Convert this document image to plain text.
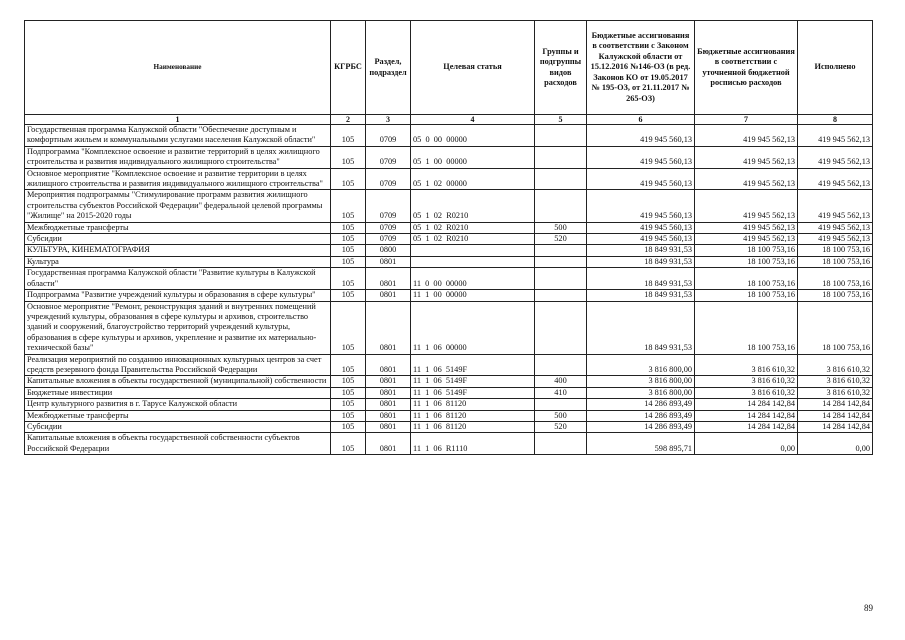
Наименование	КГРБС	Раздел, подраздел	Целевая статья	Группы и подгруппы видов расходов	Бюджетные ассигнования в соответствии с Законом Калужской области от 15.12.2016 №146-ОЗ (в ред. Законов КО от 19.05.2017 № 195-ОЗ, от 21.11.2017 № 265-ОЗ)	Бюджетные ассигнования в соответствии с уточненной бюджетной росписью расходов	Исполнено
1	2	3	4	5	6	7	8
Государственная программа Калужской области "Обеспечение доступным и комфортным жильем и коммунальными услугами населения Калужской области"	105	0709	05  0  00  00000		419 945 560,13	419 945 562,13	419 945 562,13
Подпрограмма "Комплексное освоение и развитие территорий в целях жилищного строительства и развития индивидуального жилищного строительства"	105	0709	05  1  00  00000		419 945 560,13	419 945 562,13	419 945 562,13
Основное мероприятие "Комплексное освоение и развитие территории в целях жилищного строительства и развития индивидуального жилищного строительства"	105	0709	05  1  02  00000		419 945 560,13	419 945 562,13	419 945 562,13
Мероприятия подпрограммы "Стимулирование программ развития жилищного строительства субъектов Российской Федерации" федеральной целевой программы "Жилище" на 2015-2020 годы	105	0709	05  1  02  R0210		419 945 560,13	419 945 562,13	419 945 562,13
Межбюджетные трансферты	105	0709	05  1  02  R0210	500	419 945 560,13	419 945 562,13	419 945 562,13
Субсидии	105	0709	05  1  02  R0210	520	419 945 560,13	419 945 562,13	419 945 562,13
КУЛЬТУРА, КИНЕМАТОГРАФИЯ	105	0800			18 849 931,53	18 100 753,16	18 100 753,16
Культура	105	0801			18 849 931,53	18 100 753,16	18 100 753,16
Государственная программа Калужской области "Развитие культуры в Калужской области"	105	0801	11  0  00  00000		18 849 931,53	18 100 753,16	18 100 753,16
Подпрограмма "Развитие учреждений культуры и образования в сфере культуры"	105	0801	11  1  00  00000		18 849 931,53	18 100 753,16	18 100 753,16
Основное мероприятие "Ремонт, реконструкция зданий и внутренних помещений учреждений культуры, образования в сфере культуры и архивов, строительство зданий и сооружений, благоустройство территорий учреждений культуры, образования в сфере культуры и архивов, укрепление и развитие их материально-технической базы"	105	0801	11  1  06  00000		18 849 931,53	18 100 753,16	18 100 753,16
Реализация мероприятий по созданию инновационных культурных центров за счет средств резервного фонда Правительства Российской Федерации	105	0801	11  1  06  5149F		3 816 800,00	3 816 610,32	3 816 610,32
Капитальные вложения в объекты государственной (муниципальной) собственности	105	0801	11  1  06  5149F	400	3 816 800,00	3 816 610,32	3 816 610,32
Бюджетные инвестиции	105	0801	11  1  06  5149F	410	3 816 800,00	3 816 610,32	3 816 610,32
Центр культурного развития в г. Тарусе Калужской области	105	0801	11  1  06  81120		14 286 893,49	14 284 142,84	14 284 142,84
Межбюджетные трансферты	105	0801	11  1  06  81120	500	14 286 893,49	14 284 142,84	14 284 142,84
Субсидии	105	0801	11  1  06  81120	520	14 286 893,49	14 284 142,84	14 284 142,84
Капитальные вложения в объекты государственной собственности субъектов Российской Федерации	105	0801	11  1  06  R1110		598 895,71	0,00	0,00
89
